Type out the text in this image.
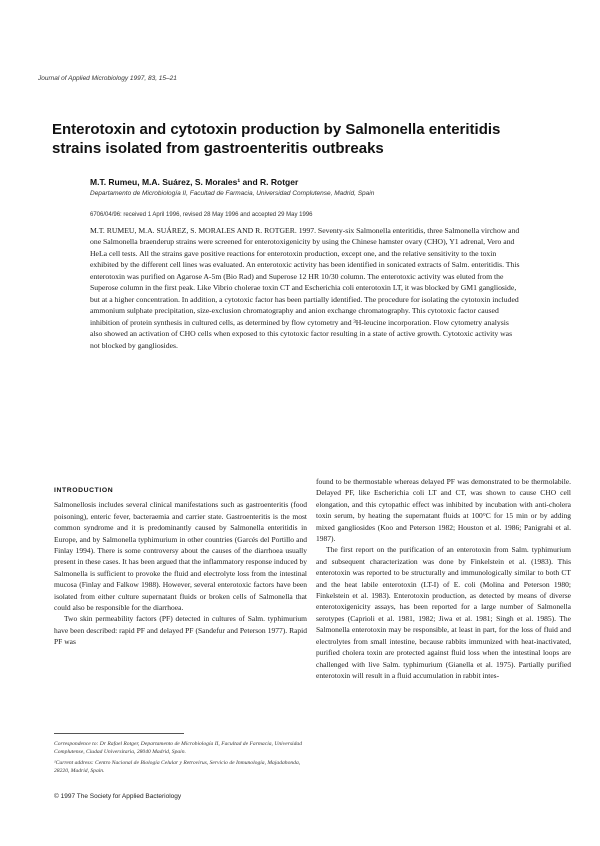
Journal of Applied Microbiology 1997, 83, 15–21
Enterotoxin and cytotoxin production by Salmonella enteritidis strains isolated from gastroenteritis outbreaks
M.T. Rumeu, M.A. Suárez, S. Morales¹ and R. Rotger
Departamento de Microbiología II, Facultad de Farmacia, Universidad Complutense, Madrid, Spain
6706/04/96: received 1 April 1996, revised 28 May 1996 and accepted 29 May 1996

M.T. RUMEU, M.A. SUÁREZ, S. MORALES AND R. ROTGER. 1997. Seventy-six Salmonella enteritidis, three Salmonella virchow and one Salmonella braenderup strains were screened for enterotoxigenicity by using the Chinese hamster ovary (CHO), Y1 adrenal, Vero and HeLa cell tests. All the strains gave positive reactions for enterotoxin production, except one, and the relative sensitivity to the toxin exhibited by the different cell lines was evaluated. An enterotoxic activity has been identified in sonicated extracts of Salm. enteritidis. This enterotoxin was purified on Agarose A-5m (Bio Rad) and Superose 12 HR 10/30 column. The enterotoxic activity was eluted from the Superose column in the first peak. Like Vibrio cholerae toxin CT and Escherichia coli enterotoxin LT, it was blocked by GM1 ganglioside, but at a higher concentration. In addition, a cytotoxic factor has been partially identified. The procedure for isolating the cytotoxin included ammonium sulphate precipitation, size-exclusion chromatography and anion exchange chromatography. This cytotoxic factor caused inhibition of protein synthesis in cultured cells, as determined by flow cytometry and ³H-leucine incorporation. Flow cytometry analysis also showed an activation of CHO cells when exposed to this cytotoxic factor resulting in a state of active growth. Cytotoxic activity was not blocked by gangliosides.

INTRODUCTION

Salmonellosis includes several clinical manifestations such as gastroenteritis (food poisoning), enteric fever, bacteraemia and carrier state. Gastroenteritis is the most common syndrome and it is predominantly caused by Salmonella enteritidis in Europe, and by Salmonella typhimurium in other countries (Garcés del Portillo and Finlay 1994). There is some controversy about the causes of the diarrhoea usually present in these cases. It has been argued that the inflammatory response induced by Salmonella is sufficient to provoke the fluid and electrolyte loss from the intestinal mucosa (Finlay and Falkow 1988). However, several enterotoxic factors have been isolated from either culture supernatant fluids or broken cells of Salmonella that could also be responsible for the diarrhoea.

Two skin permeability factors (PF) detected in cultures of Salm. typhimurium have been described: rapid PF and delayed PF (Sandefur and Peterson 1977). Rapid PF was

found to be thermostable whereas delayed PF was demonstrated to be thermolabile. Delayed PF, like Escherichia coli LT and CT, was shown to cause CHO cell elongation, and this cytopathic effect was inhibited by incubation with anti-cholera toxin serum, by heating the supernatant fluids at 100°C for 15 min or by adding mixed gangliosides (Koo and Peterson 1982; Houston et al. 1986; Panigrahi et al. 1987).

The first report on the purification of an enterotoxin from Salm. typhimurium and subsequent characterization was done by Finkelstein et al. (1983). This enterotoxin was reported to be structurally and immunologically similar to both CT and the heat labile enterotoxin (LT-I) of E. coli (Molina and Peterson 1980; Finkelstein et al. 1983). Enterotoxin production, as detected by means of diverse enterotoxigenicity assays, has been reported for a large number of Salmonella serotypes (Caprioli et al. 1981, 1982; Jiwa et al. 1981; Singh et al. 1985). The Salmonella enterotoxin may be responsible, at least in part, for the loss of fluid and electrolytes from small intestine, because rabbits immunized with heat-inactivated, purified cholera toxin are protected against fluid loss when the intestinal loops are challenged with live Salm. typhimurium (Gianella et al. 1975). Partially purified enterotoxin will result in a fluid accumulation in rabbit intes-

Correspondence to: Dr Rafael Rotger, Departamento de Microbiología II, Facultad de Farmacia, Universidad Complutense, Ciudad Universitaria, 28040 Madrid, Spain.

¹Current address: Centro Nacional de Biología Celular y Retrovirus, Servicio de Inmunología, Majadahonda, 28220, Madrid, Spain.

© 1997 The Society for Applied Bacteriology
